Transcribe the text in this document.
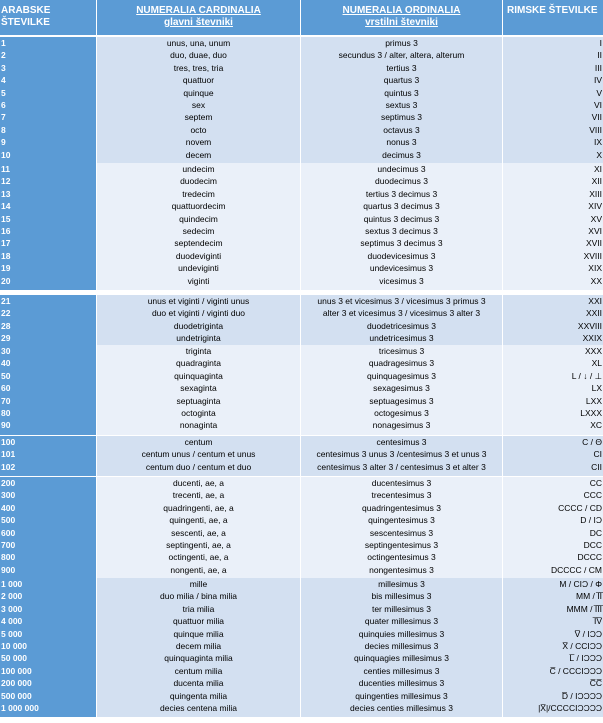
ARABSKE
ŠTEVILKE
NUMERALIA CARDINALIA
glavni števniki
NUMERALIA ORDINALIA
vrstilni števniki
RIMSKE ŠTEVILKE
1
2
3
4
5
6
7
8
9
10
unus, una, unum
duo, duae, duo
tres, tres, tria
quattuor
quinque
sex
septem
octo
novem
decem
primus 3
secundus 3 / alter, altera, alterum
tertius 3
quartus 3
quintus 3
sextus 3
septimus 3
octavus 3
nonus 3
decimus 3
I
II
III
IV
V
VI
VII
VIII
IX
X
11
12
13
14
15
16
17
18
19
20
undecim
duodecim
tredecim
quattuordecim
quindecim
sedecim
septendecim
duodeviginti
undeviginti
viginti
undecimus 3
duodecimus 3
tertius 3 decimus 3
quartus 3 decimus 3
quintus 3 decimus 3
sextus 3 decimus 3
septimus 3 decimus 3
duodevicesimus 3
undevicesimus 3
vicesimus 3
XI
XII
XIII
XIV
XV
XVI
XVII
XVIII
XIX
XX
21
22
28
29
unus et viginti / viginti unus
duo et viginti / viginti duo
duodetriginta
undetriginta
unus 3 et vicesimus 3 / vicesimus 3 primus 3
alter 3 et vicesimus 3 / vicesimus 3 alter 3
duodetricesimus 3
undetricesimus 3
XXI
XXII
XXVIII
XXIX
30
40
50
60
70
80
90
triginta
quadraginta
quinquaginta
sexaginta
septuaginta
octoginta
nonaginta
tricesimus 3
quadragesimus 3
quinquagesimus 3
sexagesimus 3
septuagesimus 3
octogesimus 3
nonagesimus 3
XXX
XL
L / ↓ / ⊥
LX
LXX
LXXX
XC
100
101
102
centum
centum unus / centum et unus
centum duo / centum et duo
centesimus 3
centesimus 3 unus 3 /centesimus 3 et unus 3
centesimus 3 alter 3 / centesimus 3 et alter 3
C / Θ
CI
CII
200
300
400
500
600
700
800
900
ducenti, ae, a
trecenti, ae, a
quadringenti, ae, a
quingenti, ae, a
sescenti, ae, a
septingenti, ae, a
octingenti, ae, a
nongenti, ae, a
ducentesimus 3
trecentesimus 3
quadringentesimus 3
quingentesimus 3
sescentesimus 3
septingentesimus 3
octingentesimus 3
nongentesimus 3
CC
CCC
CCCC / CD
D / IƆ
DC
DCC
DCCC
DCCCC / CM
1 000
2 000
3 000
4 000
5 000
10 000
50 000
100 000
200 000
500 000
1 000 000
mille
duo milia / bina milia
tria milia
quattuor milia
quinque milia
decem milia
quinquaginta milia
centum milia
ducenta milia
quingenta milia
decies centena milia
millesimus 3
bis millesimus 3
ter millesimus 3
quater millesimus 3
quinquies millesimus 3
decies millesimus 3
quinquagies millesimus 3
centies millesimus 3
ducenties millesimus 3
quingenties millesimus 3
decies centies millesimus 3
M / CIƆ / Φ
MM / I̅I̅
MMM / I̅I̅I̅
I̅V̅
V̅ / IƆƆ
X̅ / CCIƆƆ
L̅ / IƆƆƆ
C̅ / CCCIƆƆƆ
C̅C̅
D̅ / IƆƆƆƆ
|X̅|/CCCCIƆƆƆƆ
